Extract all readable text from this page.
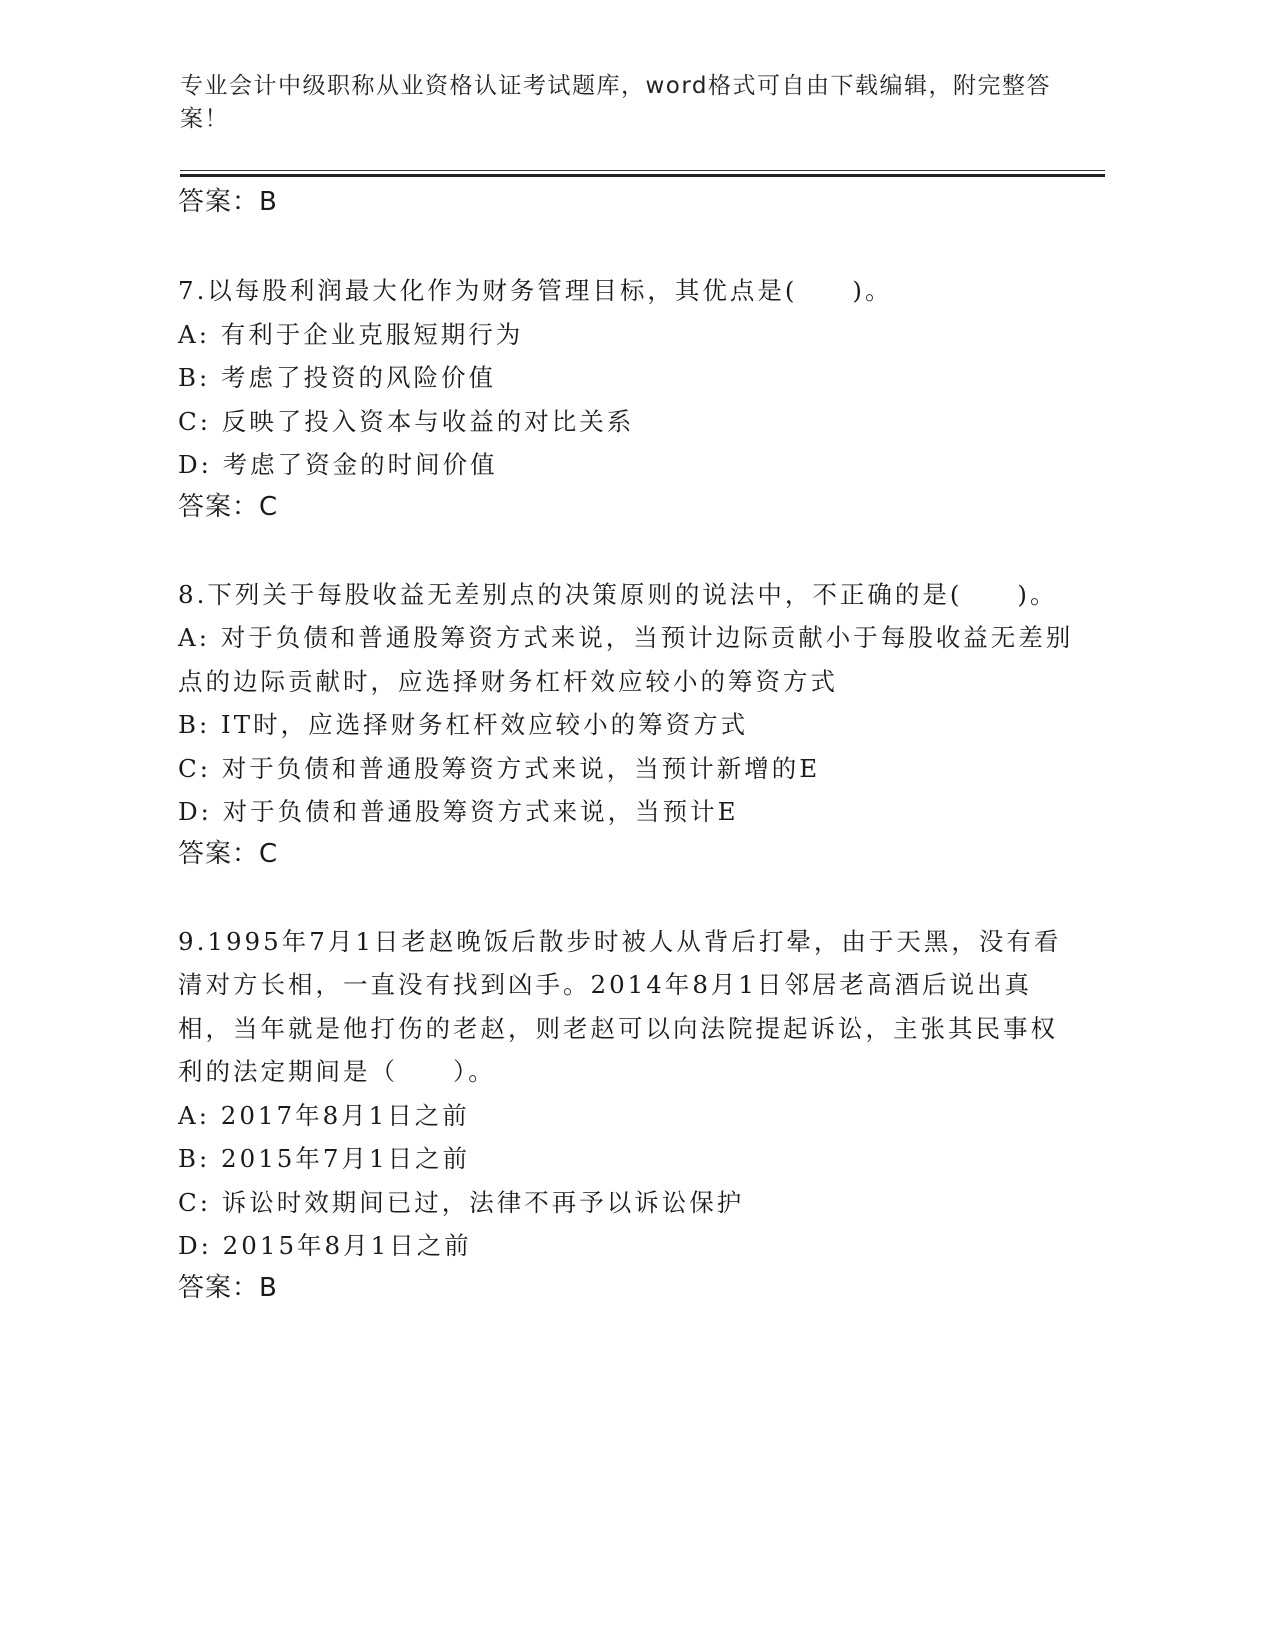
专业会计中级职称从业资格认证考试题库，word格式可自由下载编辑，附完整答案！
答案：B
7.以每股利润最大化作为财务管理目标，其优点是(　　)。
A: 有利于企业克服短期行为
B: 考虑了投资的风险价值
C: 反映了投入资本与收益的对比关系
D: 考虑了资金的时间价值
答案：C
8.下列关于每股收益无差别点的决策原则的说法中，不正确的是(　　)。
A: 对于负债和普通股筹资方式来说，当预计边际贡献小于每股收益无差别点的边际贡献时，应选择财务杠杆效应较小的筹资方式
B: IT时，应选择财务杠杆效应较小的筹资方式
C: 对于负债和普通股筹资方式来说，当预计新增的E
D: 对于负债和普通股筹资方式来说，当预计E
答案：C
9.1995年7月1日老赵晚饭后散步时被人从背后打晕，由于天黑，没有看清对方长相，一直没有找到凶手。2014年8月1日邻居老高酒后说出真相，当年就是他打伤的老赵，则老赵可以向法院提起诉讼，主张其民事权利的法定期间是（　　）。
A: 2017年8月1日之前
B: 2015年7月1日之前
C: 诉讼时效期间已过，法律不再予以诉讼保护
D: 2015年8月1日之前
答案：B
